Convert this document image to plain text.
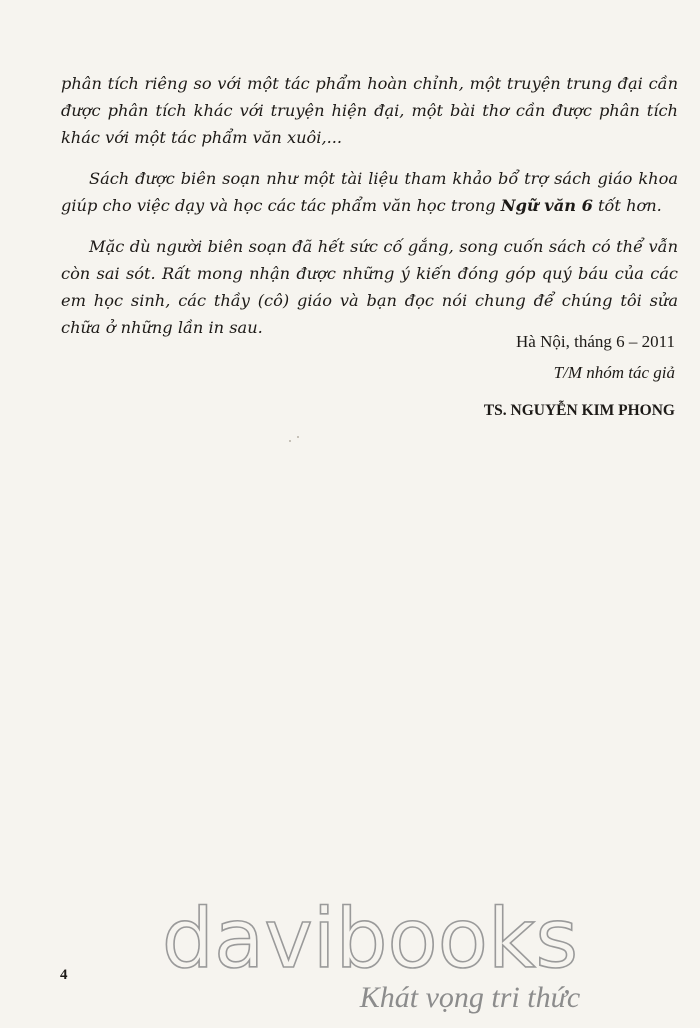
phân tích riêng so với một tác phẩm hoàn chỉnh, một truyện trung đại cần được phân tích khác với truyện hiện đại, một bài thơ cần được phân tích khác với một tác phẩm văn xuôi,...

Sách được biên soạn như một tài liệu tham khảo bổ trợ sách giáo khoa giúp cho việc dạy và học các tác phẩm văn học trong Ngữ văn 6 tốt hơn.

Mặc dù người biên soạn đã hết sức cố gắng, song cuốn sách có thể vẫn còn sai sót. Rất mong nhận được những ý kiến đóng góp quý báu của các em học sinh, các thầy (cô) giáo và bạn đọc nói chung để chúng tôi sửa chữa ở những lần in sau.

Hà Nội, tháng 6 – 2011
T/M nhóm tác giả
TS. NGUYỄN KIM PHONG
4 davibooks
Khát vọng tri thức
